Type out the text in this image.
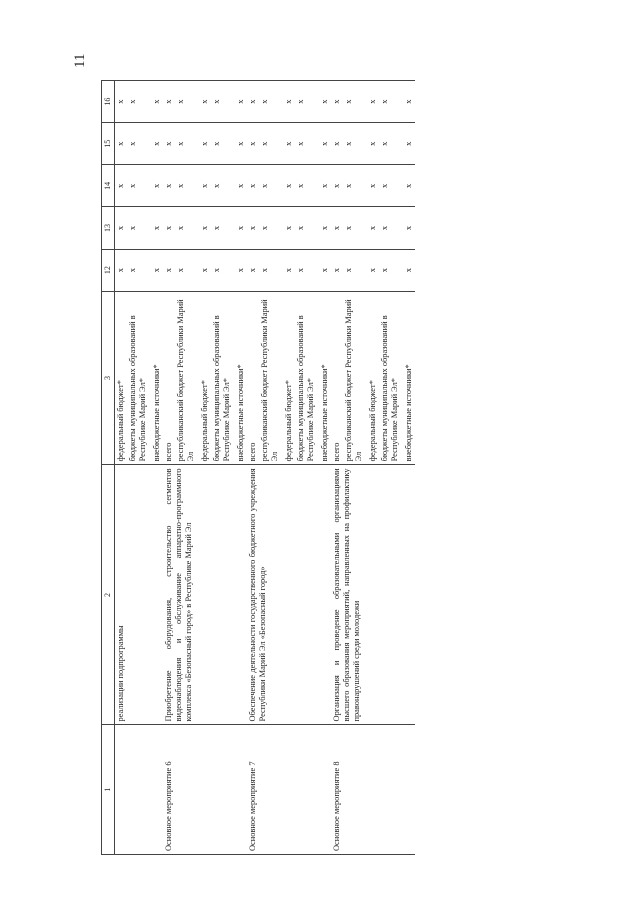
11
1	2	3	12	13	14	15	16
	реализации подпрограммы	федеральный бюджет*	x	x	x	x	x
		бюджеты муниципальных образований в Республике Марий Эл*	x	x	x	x	x
		внебюджетные источники*	x	x	x	x	x
Основное мероприятие 6	Приобретение оборудования, строительство сегментов видеонаблюдения и обслуживание аппаратно-программного комплекса «Безопасный город» в Республике Марий Эл	всего	x	x	x	x	x
		республиканский бюджет Республики Марий Эл	x	x	x	x	x
		федеральный бюджет*	x	x	x	x	x
		бюджеты муниципальных образований в Республике Марий Эл*	x	x	x	x	x
		внебюджетные источники*	x	x	x	x	x
Основное мероприятие 7	Обеспечение деятельности государственного бюджетного учреждения Республики Марий Эл «Безопасный город»	всего	x	x	x	x	x
		республиканский бюджет Республики Марий Эл	x	x	x	x	x
		федеральный бюджет*	x	x	x	x	x
		бюджеты муниципальных образований в Республике Марий Эл*	x	x	x	x	x
		внебюджетные источники*	x	x	x	x	x
Основное мероприятие 8	Организация и проведение образовательными организациями высшего образования мероприятий, направленных на профилактику правонарушений среди молодежи	всего	x	x	x	x	x
		республиканский бюджет Республики Марий Эл	x	x	x	x	x
		федеральный бюджет*	x	x	x	x	x
		бюджеты муниципальных образований в Республике Марий Эл*	x	x	x	x	x
		внебюджетные источники*	x	x	x	x	x
